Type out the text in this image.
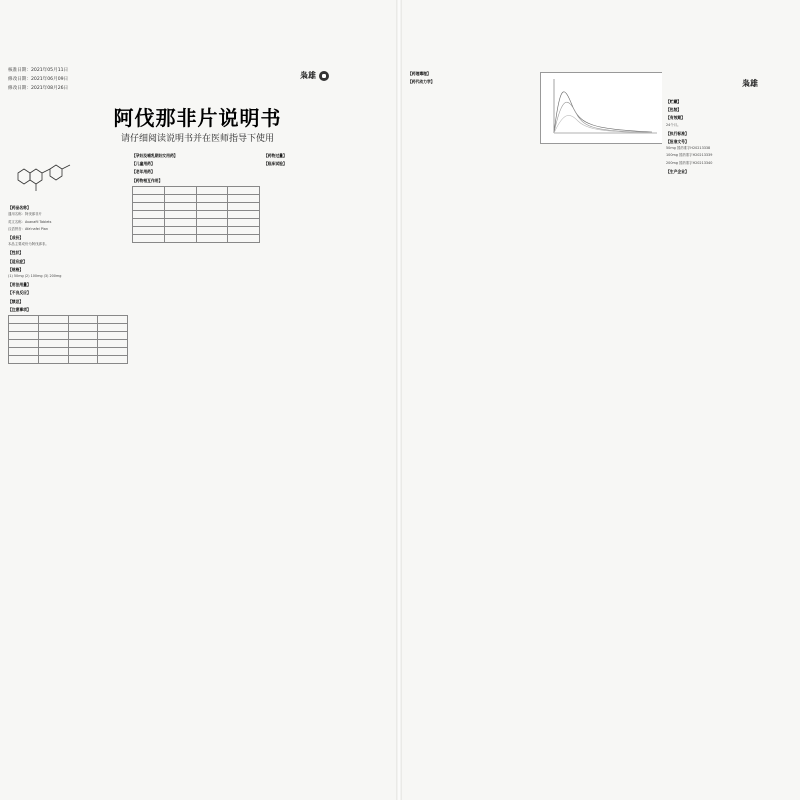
核准日期：2021年05月11日
修改日期：2021年06月09日
修改日期：2021年08月26日
枭雄
枭雄
阿伐那非片说明书
请仔细阅读说明书并在医师指导下使用

【药品名称】

通用名称：阿伐那非片

英文名称：Avanafil Tablets

汉语拼音：Afa'nafei Pian

【成份】

本品主要成份为阿伐那非。

【性状】

【适应症】

【规格】

(1) 50mg (2) 100mg (3) 200mg

【用法用量】

【不良反应】

【禁忌】

【注意事项】

【孕妇及哺乳期妇女用药】

【儿童用药】

【老年用药】

【药物相互作用】

【药物过量】

【临床试验】

【药理毒理】

【药代动力学】

【贮藏】

【包装】

【有效期】

24个月。

【执行标准】

【批准文号】

50mg 国药准字H20213338

100mg 国药准字H20213339

200mg 国药准字H20213340

【生产企业】
